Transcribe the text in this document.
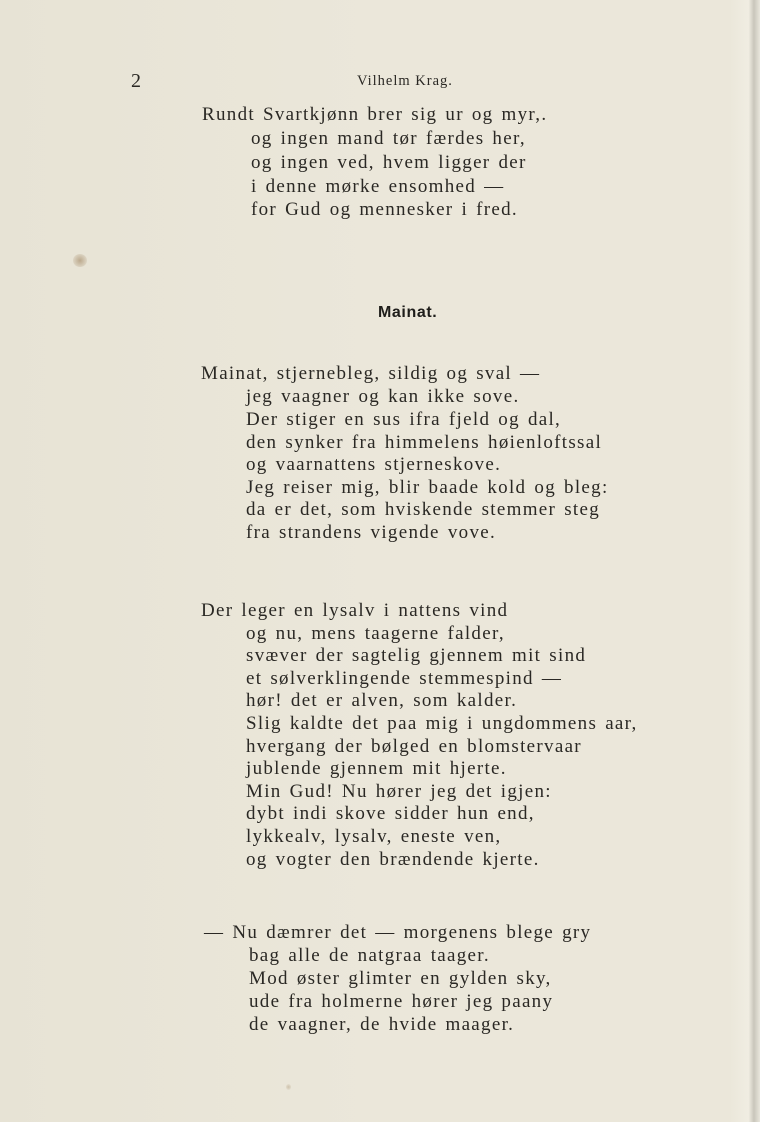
2	Vilhelm Krag.
Rundt Svartkjønn brer sig ur og myr,.
og ingen mand tør færdes her,
og ingen ved, hvem ligger der
i denne mørke ensomhed —
for Gud og mennesker i fred.
Mainat.
Mainat, stjernebleg, sildig og sval —
jeg vaagner og kan ikke sove.
Der stiger en sus ifra fjeld og dal,
den synker fra himmelens høienloftssal
og vaarnattens stjerneskove.
Jeg reiser mig, blir baade kold og bleg:
da er det, som hviskende stemmer steg
fra strandens vigende vove.
Der leger en lysalv i nattens vind
og nu, mens taagerne falder,
svæver der sagtelig gjennem mit sind
et sølverklingende stemmespind —
hør! det er alven, som kalder.
Slig kaldte det paa mig i ungdommens aar,
hvergang der bølged en blomstervaar
jublende gjennem mit hjerte.
Min Gud! Nu hører jeg det igjen:
dybt indi skove sidder hun end,
lykkealv, lysalv, eneste ven,
og vogter den brændende kjerte.
— Nu dæmrer det — morgenens blege gry
bag alle de natgraa taager.
Mod øster glimter en gylden sky,
ude fra holmerne hører jeg paany
de vaagner, de hvide maager.
